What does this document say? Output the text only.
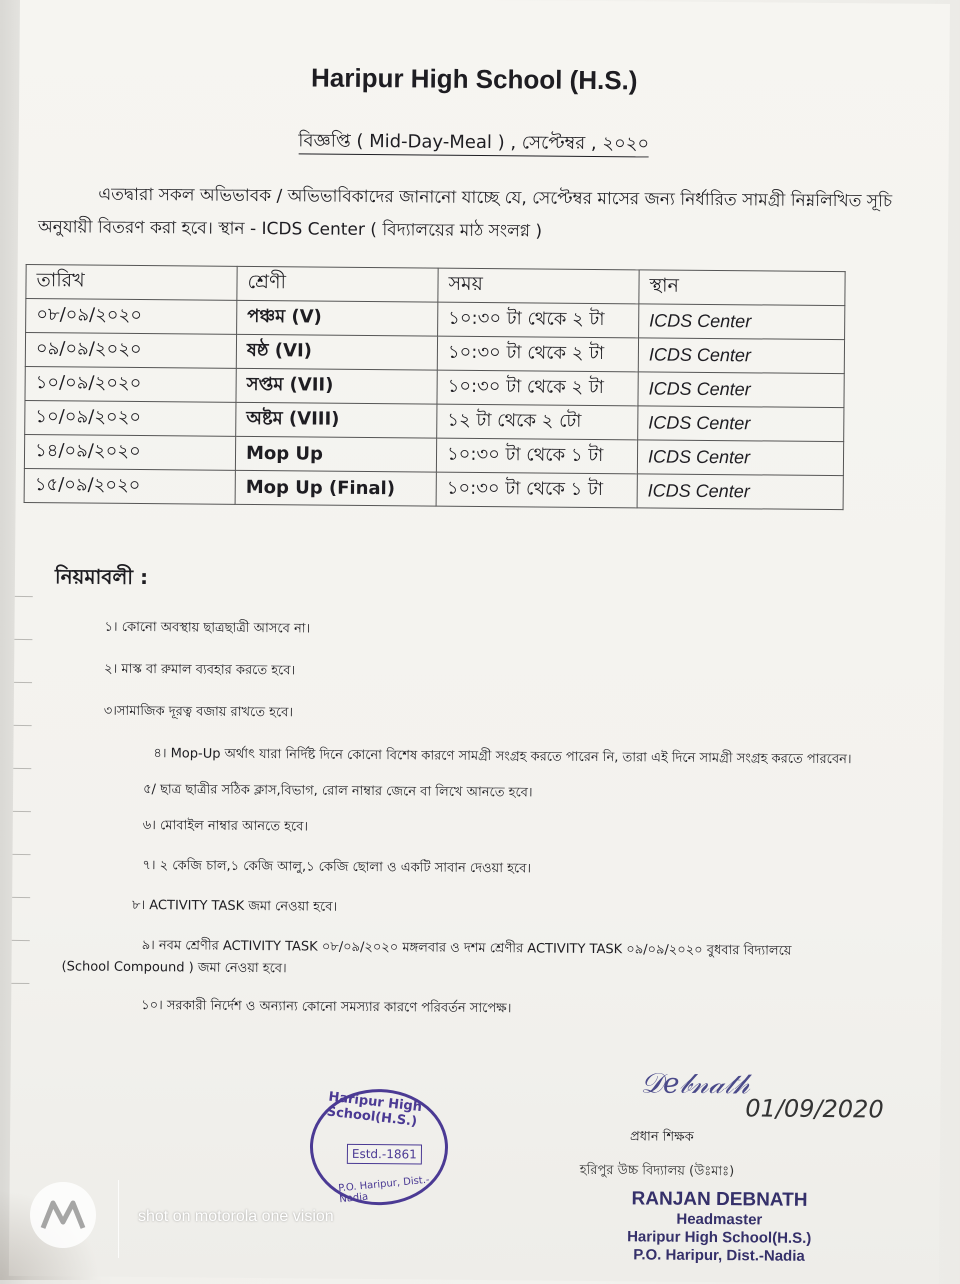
Haripur High School (H.S.)
বিজ্ঞপ্তি ( Mid-Day-Meal ) , সেপ্টেম্বর , ২০২০
এতদ্বারা সকল অভিভাবক / অভিভাবিকাদের জানানো যাচ্ছে যে, সেপ্টেম্বর মাসের জন্য নির্ধারিত সামগ্রী নিম্নলিখিত সূচি অনুযায়ী বিতরণ করা হবে। স্থান - ICDS Center ( বিদ্যালয়ের মাঠ সংলগ্ন )
তারিখ	শ্রেণী	সময়	স্থান
০৮/০৯/২০২০	পঞ্চম (V)	১০:৩০ টা থেকে ২ টা	ICDS Center
০৯/০৯/২০২০	ষষ্ঠ (VI)	১০:৩০ টা থেকে ২ টা	ICDS Center
১০/০৯/২০২০	সপ্তম (VII)	১০:৩০ টা থেকে ২ টা	ICDS Center
১০/০৯/২০২০	অষ্টম (VIII)	১২ টা থেকে ২ টো	ICDS Center
১৪/০৯/২০২০	Mop Up	১০:৩০ টা থেকে ১ টা	ICDS Center
১৫/০৯/২০২০	Mop Up (Final)	১০:৩০ টা থেকে ১ টা	ICDS Center
নিয়মাবলী :
১। কোনো অবস্থায় ছাত্রছাত্রী আসবে না।
২। মাস্ক বা রুমাল ব্যবহার করতে হবে।
৩।সামাজিক দূরত্ব বজায় রাখতে হবে।
৪। Mop-Up অর্থাৎ যারা নির্দিষ্ট দিনে কোনো বিশেষ কারণে সামগ্রী সংগ্রহ করতে পারেন নি, তারা এই দিনে সামগ্রী সংগ্রহ করতে পারবেন।
৫/ ছাত্র ছাত্রীর সঠিক ক্লাস,বিভাগ, রোল নাম্বার জেনে বা লিখে আনতে হবে।
৬। মোবাইল নাম্বার আনতে হবে।
৭। ২ কেজি চাল,১ কেজি আলু,১ কেজি ছোলা ও একটি সাবান দেওয়া হবে।
৮। ACTIVITY TASK জমা নেওয়া হবে।
৯। নবম শ্রেণীর ACTIVITY TASK ০৮/০৯/২০২০ মঙ্গলবার ও দশম শ্রেণীর ACTIVITY TASK ০৯/০৯/২০২০ বুধবার বিদ্যালয়ে (School Compound ) জমা নেওয়া হবে।
১০। সরকারী নির্দেশ ও অন্যান্য কোনো সমস্যার কারণে পরিবর্তন সাপেক্ষ।
Haripur High School(H.S.)
Estd.-1861
P.O. Haripur, Dist.-Nadia
𝒟𝑒𝒷𝓃𝒶𝓉𝒽
01/09/2020
প্রধান শিক্ষক
হরিপুর উচ্চ বিদ্যালয় (উঃমাঃ)
RANJAN DEBNATH
Headmaster
Haripur High School(H.S.)
P.O. Haripur, Dist.-Nadia
shot on motorola one vision
